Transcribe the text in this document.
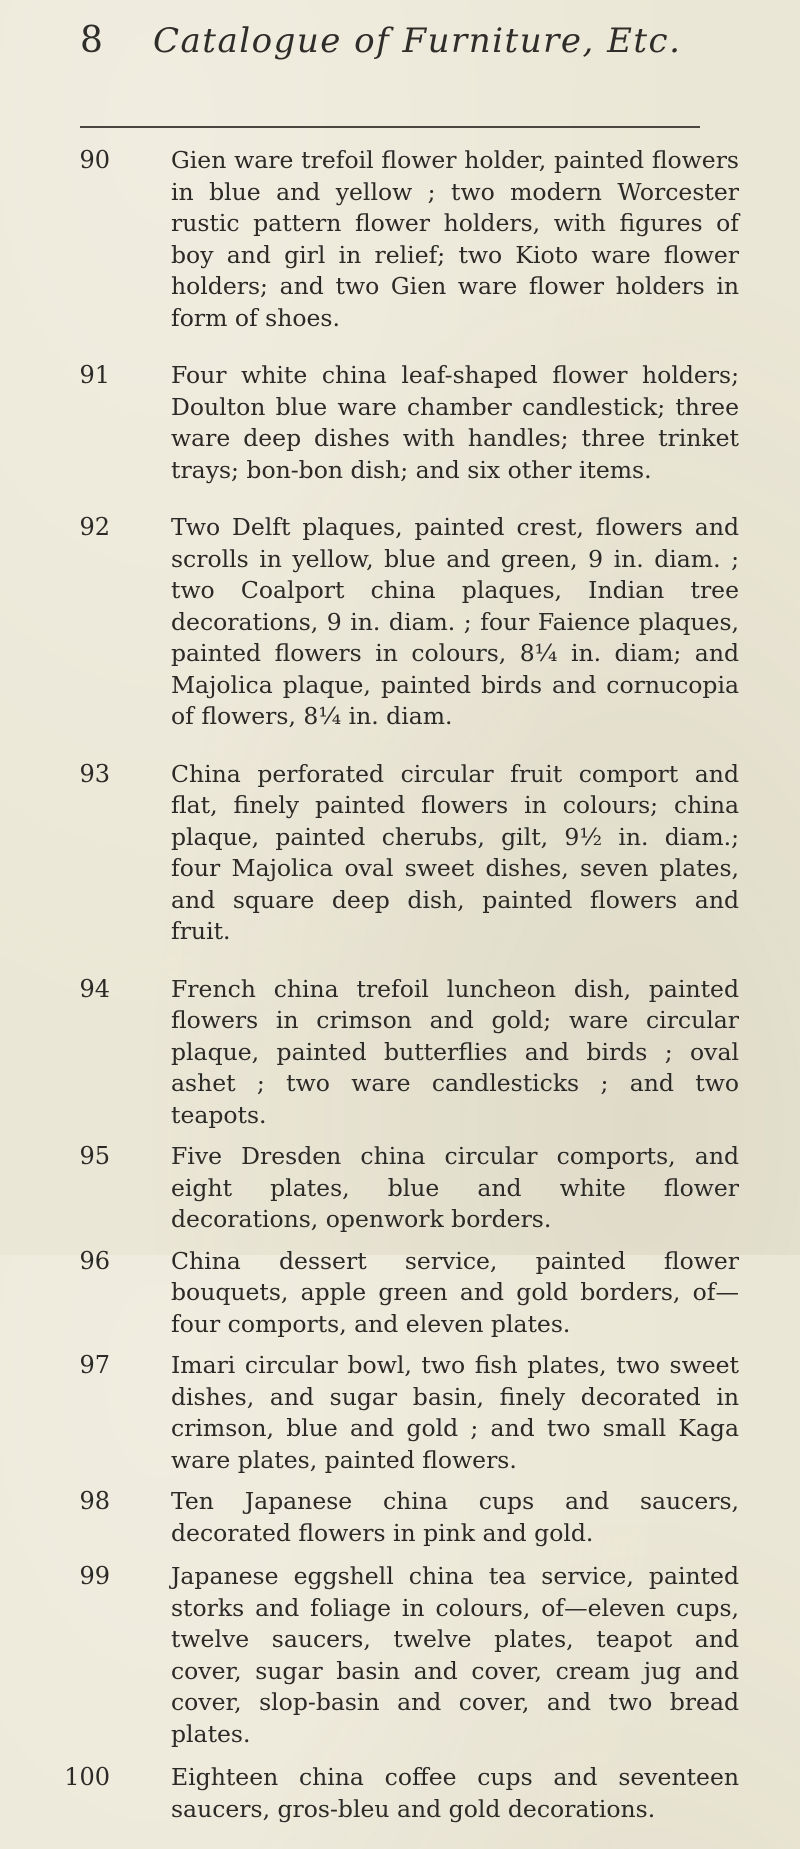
8 Catalogue of Furniture, Etc.
90	Gien ware trefoil flower holder, painted flowers in blue and yellow ; two modern Worcester rustic pattern flower holders, with figures of boy and girl in relief; two Kioto ware flower holders; and two Gien ware flower holders in form of shoes.
91	Four white china leaf-shaped flower holders; Doulton blue ware chamber candlestick; three ware deep dishes with handles; three trinket trays; bon-bon dish; and six other items.
92	Two Delft plaques, painted crest, flowers and scrolls in yellow, blue and green, 9 in. diam. ; two Coalport china plaques, Indian tree decorations, 9 in. diam. ; four Faience plaques, painted flowers in colours, 8¼ in. diam; and Majolica plaque, painted birds and cornucopia of flowers, 8¼ in. diam.
93	China perforated circular fruit comport and flat, finely painted flowers in colours; china plaque, painted cherubs, gilt, 9½ in. diam.; four Majolica oval sweet dishes, seven plates, and square deep dish, painted flowers and fruit.
94	French china trefoil luncheon dish, painted flowers in crimson and gold; ware circular plaque, painted butterflies and birds ; oval ashet ; two ware candlesticks ; and two teapots.
95	Five Dresden china circular comports, and eight plates, blue and white flower decorations, openwork borders.
96	China dessert service, painted flower bouquets, apple green and gold borders, of—four comports, and eleven plates.
97	Imari circular bowl, two fish plates, two sweet dishes, and sugar basin, finely decorated in crimson, blue and gold ; and two small Kaga ware plates, painted flowers.
98	Ten Japanese china cups and saucers, decorated flowers in pink and gold.
99	Japanese eggshell china tea service, painted storks and foliage in colours, of—eleven cups, twelve saucers, twelve plates, teapot and cover, sugar basin and cover, cream jug and cover, slop-basin and cover, and two bread plates.
100	Eighteen china coffee cups and seventeen saucers, gros-bleu and gold decorations.
